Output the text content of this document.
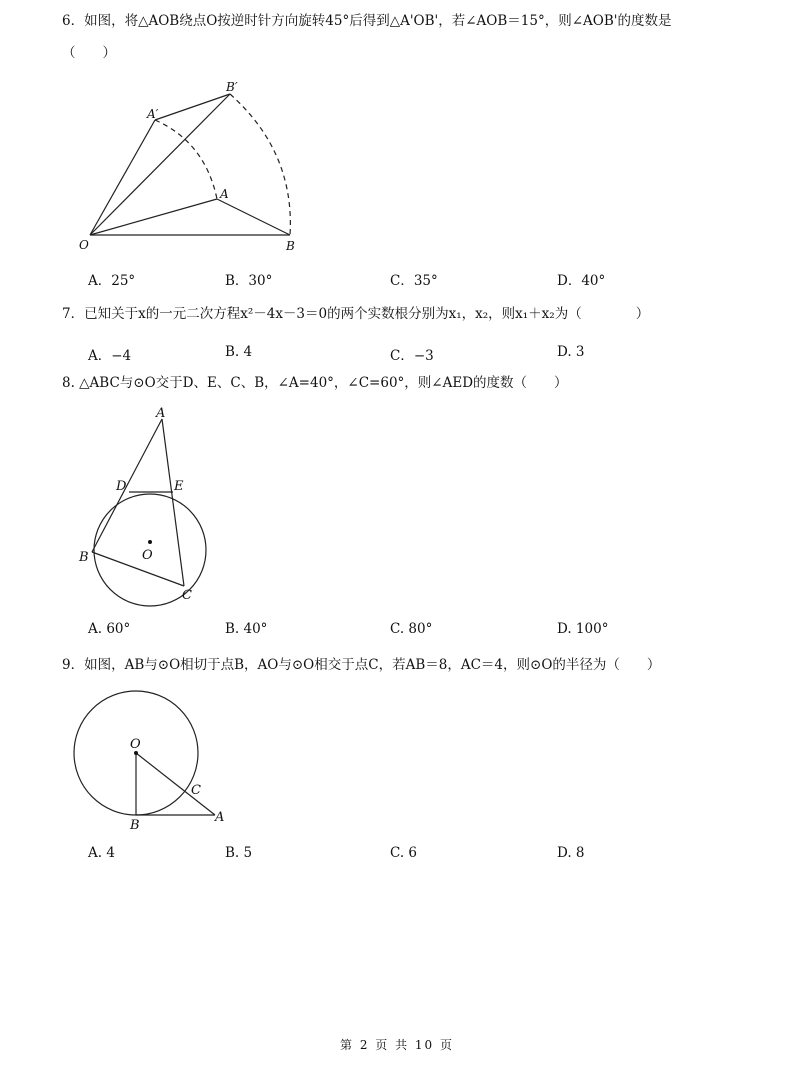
6．如图，将△AOB绕点O按逆时针方向旋转45°后得到△A'OB'，若∠AOB＝15°，则∠AOB'的度数是
（　　）
O	B
A
A′
B′
A．25°	B．30°	C．35°	D．40°
7．已知关于x的一元二次方程x²－4x－3＝0的两个实数根分别为x₁，x₂，则x₁＋x₂为（　　　　）
A．−4	B. 4	C．−3	D. 3
8. △ABC与⊙O交于D、E、C、B，∠A=40°，∠C=60°，则∠AED的度数（　　）
A
D	E
B
C
O
A. 60°	B. 40°	C. 80°	D. 100°
9．如图，AB与⊙O相切于点B，AO与⊙O相交于点C，若AB＝8，AC＝4，则⊙O的半径为（　　）
O
C
B
A
A. 4	B. 5	C. 6	D. 8
第 2 页 共 10 页
